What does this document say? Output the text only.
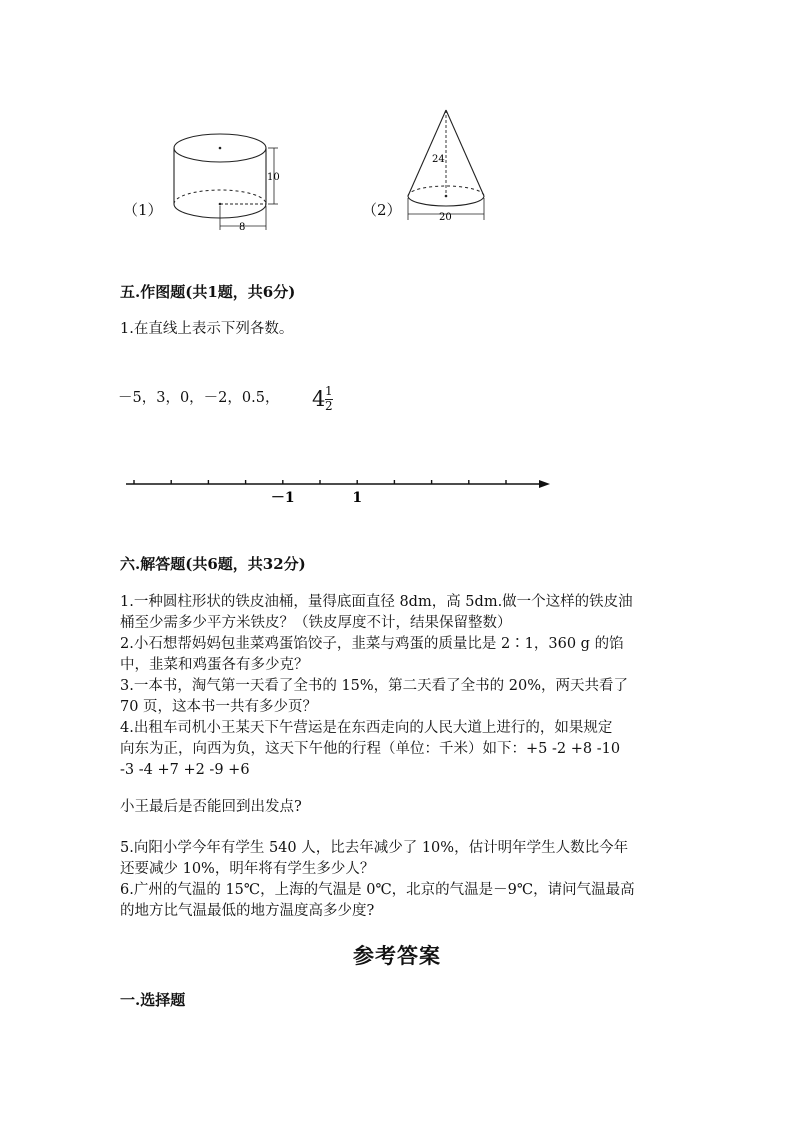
（1）
10
8
（2）
24
20
五.作图题(共1题，共6分)
1.在直线上表示下列各数。
－5，3，0，－2，0.5， 4 1
2
－1	1
六.解答题(共6题，共32分)
1.一种圆柱形状的铁皮油桶，量得底面直径 8dm，高 5dm.做一个这样的铁皮油
桶至少需多少平方米铁皮？（铁皮厚度不计，结果保留整数）
2.小石想帮妈妈包韭菜鸡蛋馅饺子，韭菜与鸡蛋的质量比是 2∶1，360 g 的馅
中，韭菜和鸡蛋各有多少克？
3.一本书，淘气第一天看了全书的 15%，第二天看了全书的 20%，两天共看了
70 页，这本书一共有多少页？
4.出租车司机小王某天下午营运是在东西走向的人民大道上进行的，如果规定
向东为正，向西为负，这天下午他的行程（单位：千米）如下：+5 -2 +8 -10
-3 -4 +7 +2 -9 +6
小王最后是否能回到出发点?
5.向阳小学今年有学生 540 人，比去年减少了 10%，估计明年学生人数比今年
还要减少 10%，明年将有学生多少人？
6.广州的气温的 15℃，上海的气温是 0℃，北京的气温是－9℃，请问气温最高
的地方比气温最低的地方温度高多少度?
参考答案
一.选择题
